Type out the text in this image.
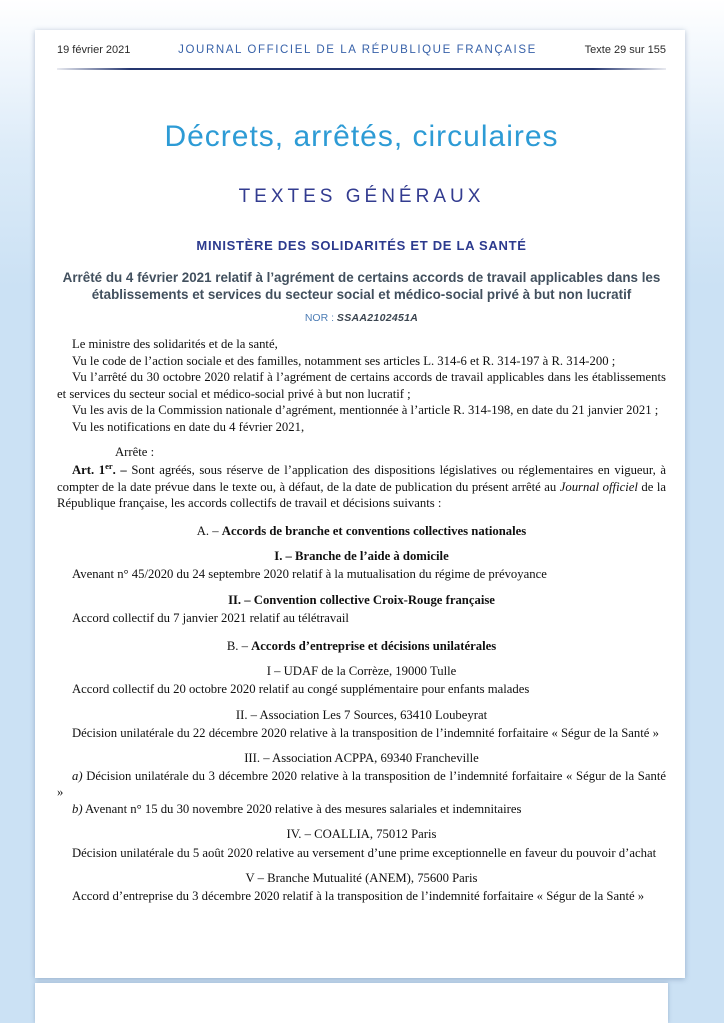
19 février 2021	JOURNAL OFFICIEL DE LA RÉPUBLIQUE FRANÇAISE	Texte 29 sur 155
Décrets, arrêtés, circulaires
TEXTES GÉNÉRAUX
MINISTÈRE DES SOLIDARITÉS ET DE LA SANTÉ
Arrêté du 4 février 2021 relatif à l’agrément de certains accords de travail applicables dans les établissements et services du secteur social et médico-social privé à but non lucratif
NOR : SSAA2102451A

Le ministre des solidarités et de la santé,

Vu le code de l’action sociale et des familles, notamment ses articles L. 314-6 et R. 314-197 à R. 314-200 ;

Vu l’arrêté du 30 octobre 2020 relatif à l’agrément de certains accords de travail applicables dans les établissements et services du secteur social et médico-social privé à but non lucratif ;

Vu les avis de la Commission nationale d’agrément, mentionnée à l’article R. 314-198, en date du 21 janvier 2021 ;

Vu les notifications en date du 4 février 2021,

Arrête :

Art. 1er. – Sont agréés, sous réserve de l’application des dispositions législatives ou réglementaires en vigueur, à compter de la date prévue dans le texte ou, à défaut, de la date de publication du présent arrêté au Journal officiel de la République française, les accords collectifs de travail et décisions suivants :

A. – Accords de branche et conventions collectives nationales

I. – Branche de l’aide à domicile

Avenant n° 45/2020 du 24 septembre 2020 relatif à la mutualisation du régime de prévoyance

II. – Convention collective Croix-Rouge française

Accord collectif du 7 janvier 2021 relatif au télétravail

B. – Accords d’entreprise et décisions unilatérales

I – UDAF de la Corrèze, 19000 Tulle

Accord collectif du 20 octobre 2020 relatif au congé supplémentaire pour enfants malades

II. – Association Les 7 Sources, 63410 Loubeyrat

Décision unilatérale du 22 décembre 2020 relative à la transposition de l’indemnité forfaitaire « Ségur de la Santé »

III. – Association ACPPA, 69340 Francheville

a) Décision unilatérale du 3 décembre 2020 relative à la transposition de l’indemnité forfaitaire « Ségur de la Santé »

b) Avenant n° 15 du 30 novembre 2020 relative à des mesures salariales et indemnitaires

IV. – COALLIA, 75012 Paris

Décision unilatérale du 5 août 2020 relative au versement d’une prime exceptionnelle en faveur du pouvoir d’achat

V – Branche Mutualité (ANEM), 75600 Paris

Accord d’entreprise du 3 décembre 2020 relatif à la transposition de l’indemnité forfaitaire « Ségur de la Santé »
